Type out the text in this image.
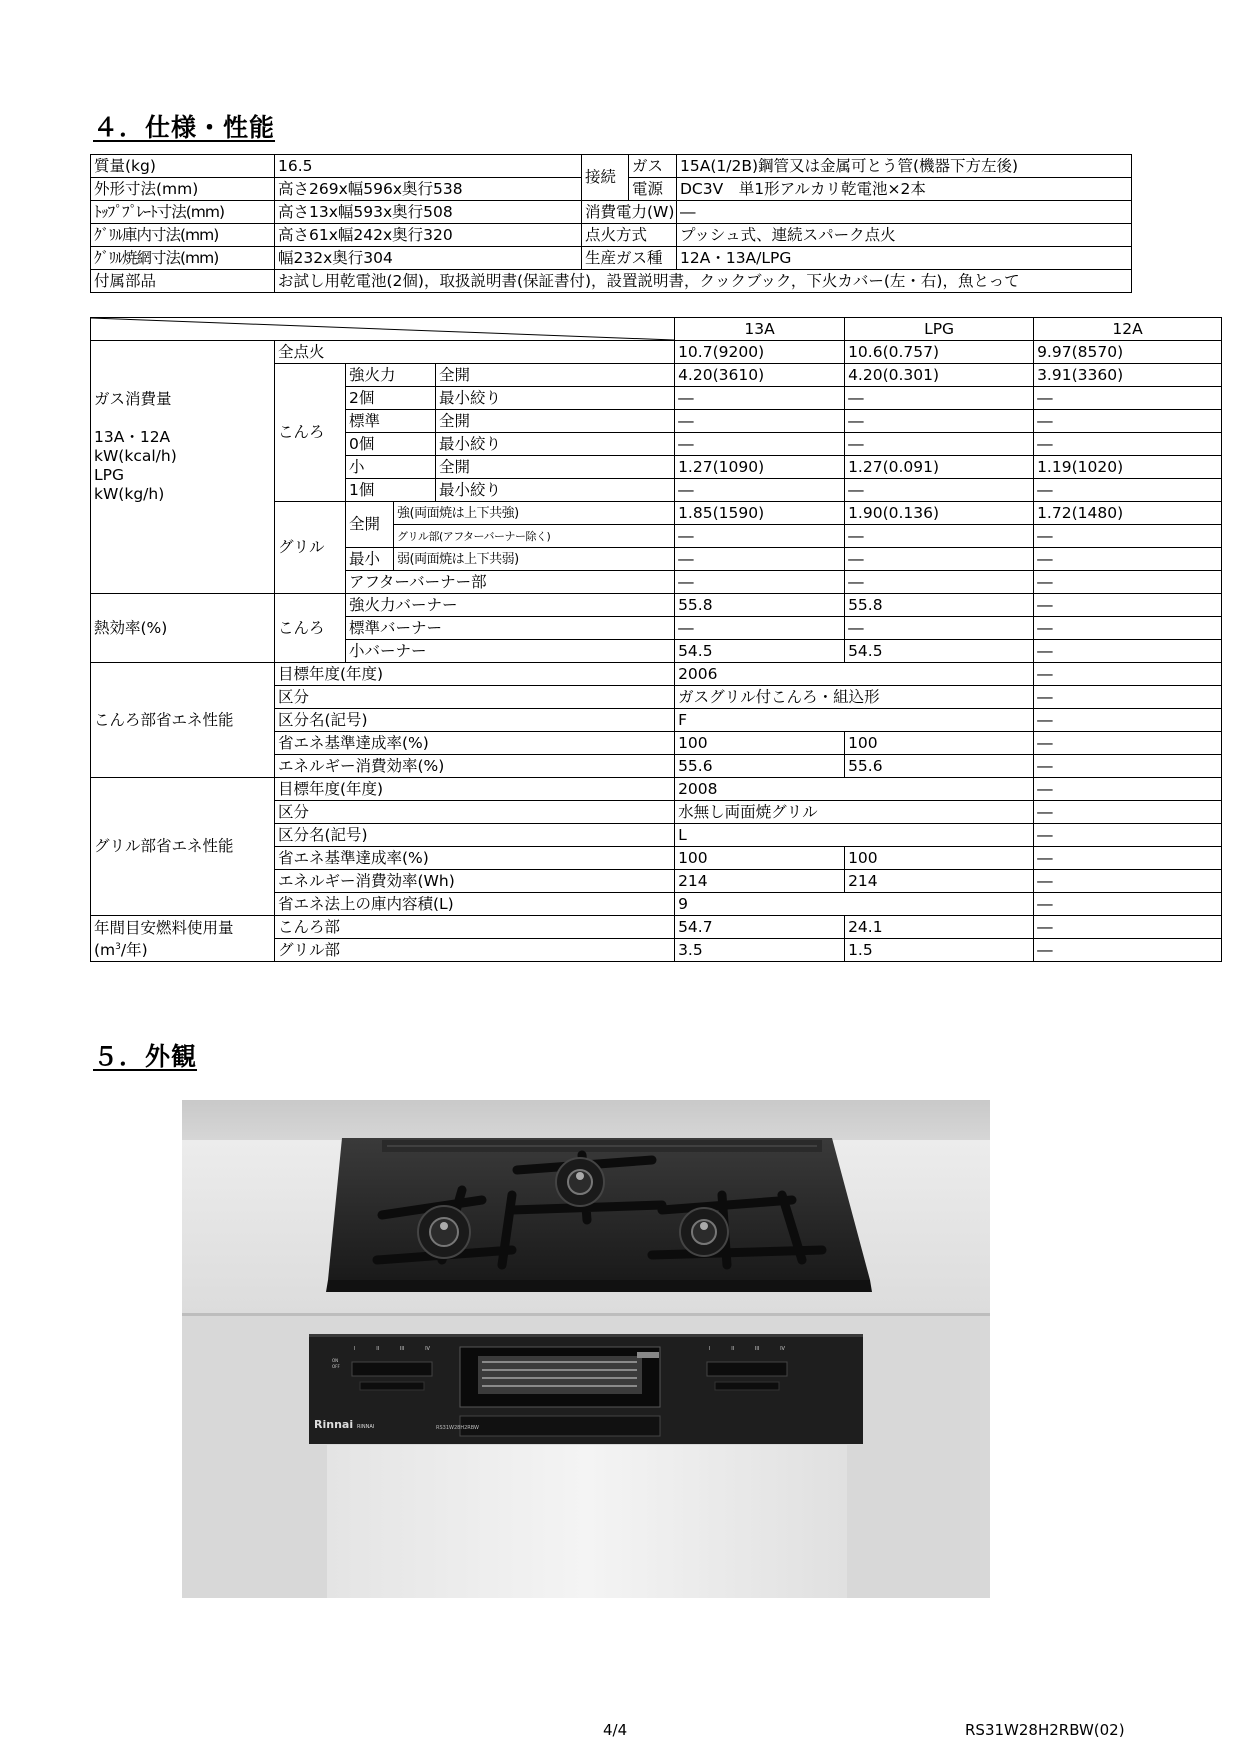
４．仕様・性能
質量(kg)	16.5	接続	ガス	15A(1/2B)鋼管又は金属可とう管(機器下方左後)
外形寸法(mm)	高さ269x幅596x奥行538		電源	DC3V　単1形アルカリ乾電池×2本
ﾄｯﾌﾟﾌﾟﾚｰﾄ寸法(mm)	高さ13x幅593x奥行508	消費電力(W)		―
ｸﾞﾘﾙ庫内寸法(mm)	高さ61x幅242x奥行320	点火方式		プッシュ式、連続スパーク点火
ｸﾞﾘﾙ焼網寸法(mm)	幅232x奥行304	生産ガス種		12A・13A/LPG
付属部品	お試し用乾電池(2個)，取扱説明書(保証書付)，設置説明書，クックブック，下火カバー(左・右)，魚とって			
	13A	LPG	12A

ガス消費量
13A・12A
kW(kcal/h)
LPG
kW(kg/h)	全点火				10.7(9200)	10.6(0.757)	9.97(8570)
	こんろ	強火力		全開	4.20(3610)	4.20(0.301)	3.91(3360)
		2個		最小絞り	―	―	―
		標準		全開	―	―	―
		0個		最小絞り	―	―	―
		小		全開	1.27(1090)	1.27(0.091)	1.19(1020)
		1個		最小絞り	―	―	―
	グリル	全開	強(両面焼は上下共強)		1.85(1590)	1.90(0.136)	1.72(1480)
			グリル部(アフターバーナー除く)		―	―	―
		最小	弱(両面焼は上下共弱)		―	―	―
		アフターバーナー部			―	―	―
熱効率(%)	こんろ	強火力バーナー			55.8	55.8	―
		標準バーナー			―	―	―
		小バーナー			54.5	54.5	―
こんろ部省エネ性能	目標年度(年度)				2006		―
	区分				ガスグリル付こんろ・組込形		―
	区分名(記号)				F		―
	省エネ基準達成率(%)				100	100	―
	エネルギー消費効率(%)				55.6	55.6	―
グリル部省エネ性能	目標年度(年度)				2008		―
	区分				水無し両面焼グリル		―
	区分名(記号)				L		―
	省エネ基準達成率(%)				100	100	―
	エネルギー消費効率(Wh)				214	214	―
	省エネ法上の庫内容積(L)				9		―

年間目安燃料使用量
($m^3/$年)	こんろ部				54.7	24.1	―
	グリル部				3.5	1.5	―
５．外観
Rinnai RINNAI	RS31W28H2RBW
ON
OFF
I	II	III	IV	I	II	III	IV
4/4	RS31W28H2RBW(02)
